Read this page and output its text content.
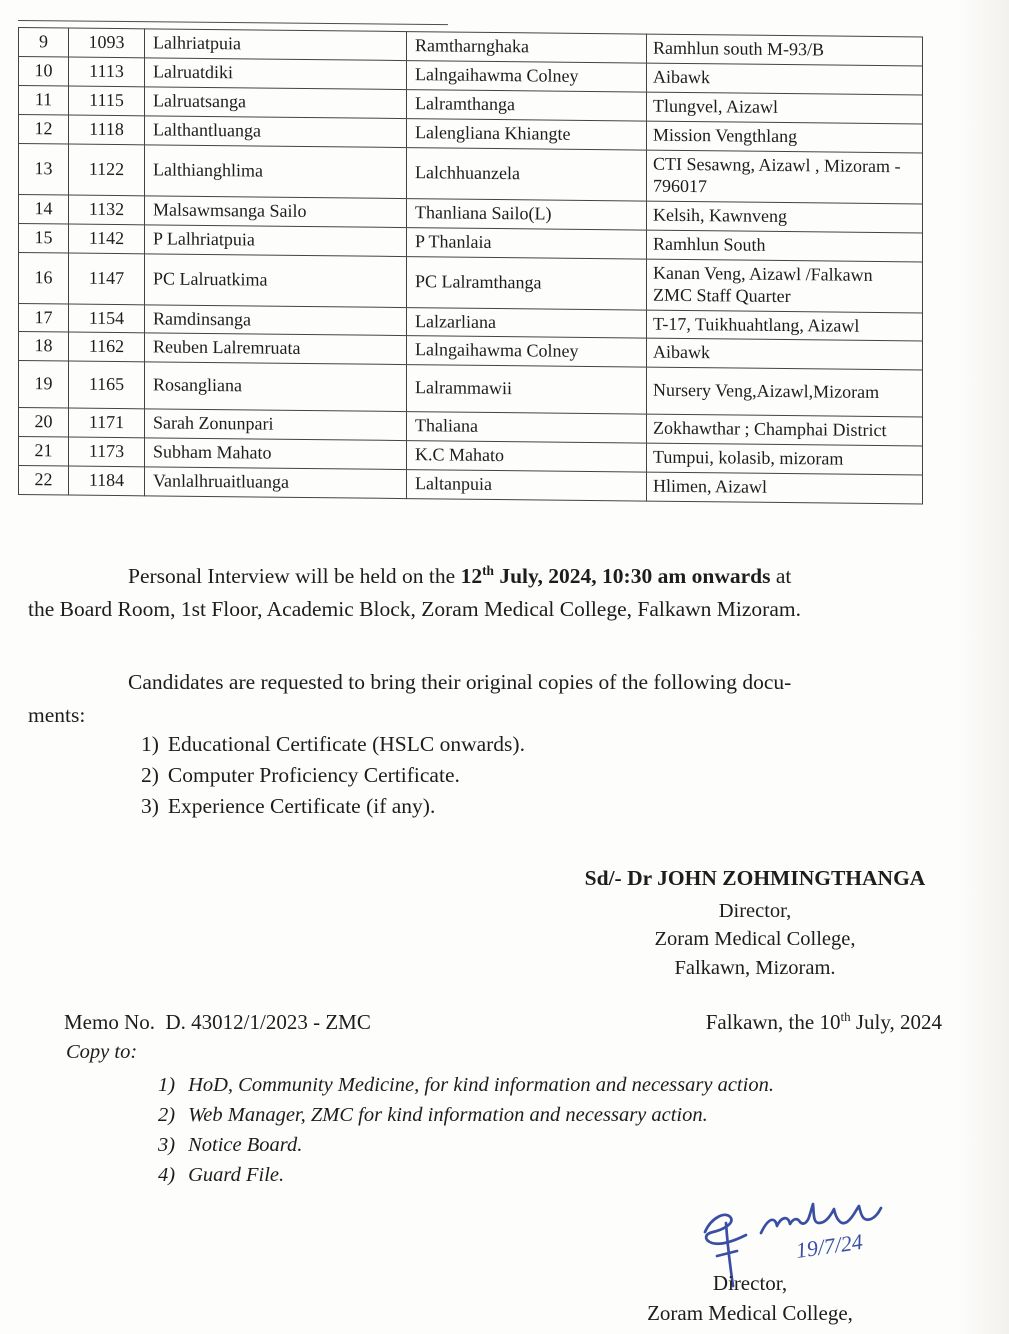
9	1093	Lalhriatpuia	Ramtharnghaka	Ramhlun south M-93/B
10	1113	Lalruatdiki	Lalngaihawma Colney	Aibawk
11	1115	Lalruatsanga	Lalramthanga	Tlungvel, Aizawl
12	1118	Lalthantluanga	Lalengliana Khiangte	Mission Vengthlang
13	1122	Lalthianghlima	Lalchhuanzela	CTI Sesawng, Aizawl , Mizoram - 796017
14	1132	Malsawmsanga Sailo	Thanliana Sailo(L)	Kelsih, Kawnveng
15	1142	P Lalhriatpuia	P Thanlaia	Ramhlun South
16	1147	PC Lalruatkima	PC Lalramthanga	Kanan Veng, Aizawl /Falkawn ZMC Staff Quarter
17	1154	Ramdinsanga	Lalzarliana	T-17, Tuikhuahtlang, Aizawl
18	1162	Reuben Lalremruata	Lalngaihawma Colney	Aibawk
19	1165	Rosangliana	Lalrammawii	Nursery Veng,Aizawl,Mizoram
20	1171	Sarah Zonunpari	Thaliana	Zokhawthar ; Champhai District
21	1173	Subham Mahato	K.C Mahato	Tumpui, kolasib, mizoram
22	1184	Vanlalhruaitluanga	Laltanpuia	Hlimen, Aizawl

Personal Interview will be held on the 12th July, 2024, 10:30 am onwards at
the Board Room, 1st Floor, Academic Block, Zoram Medical College, Falkawn Mizoram.

Candidates are requested to bring their original copies of the following docu-
ments:

1) Educational Certificate (HSLC onwards).
2) Computer Proficiency Certificate.
3) Experience Certificate (if any).
Sd/- Dr JOHN ZOHMINGTHANGA
Director,
Zoram Medical College,
Falkawn, Mizoram.
Memo No.  D. 43012/1/2023 - ZMC	Falkawn, the 10th July, 2024
Copy to:
1) HoD, Community Medicine, for kind information and necessary action.
2) Web Manager, ZMC for kind information and necessary action.
3) Notice Board.
4) Guard File.
19/7/24
Director,
Zoram Medical College,
